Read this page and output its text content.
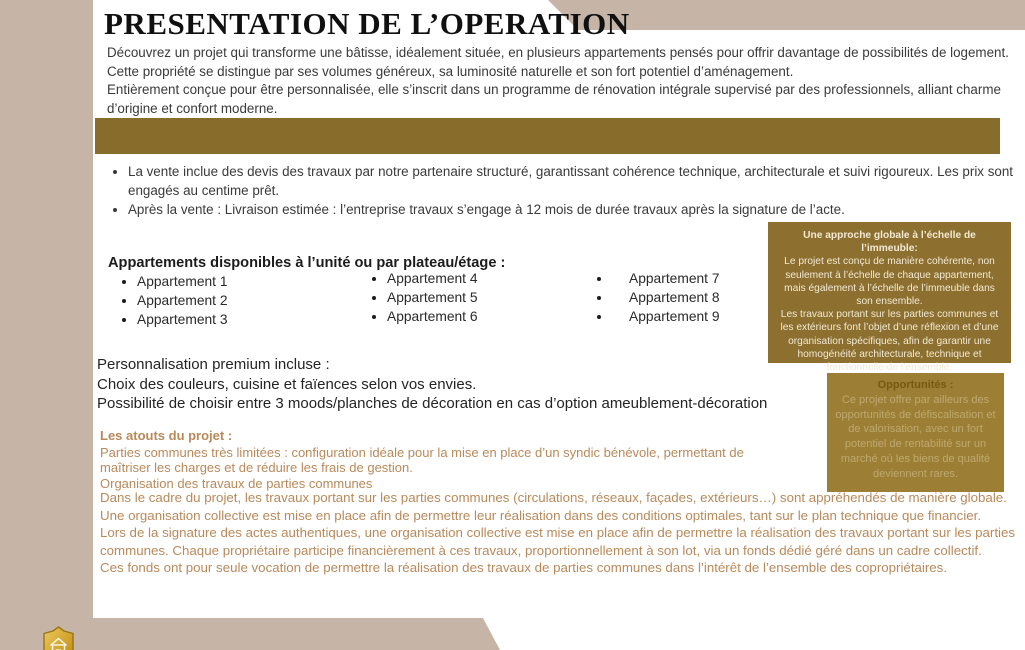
PRESENTATION DE L’OPERATION
Découvrez un projet qui transforme une bâtisse, idéalement située, en plusieurs appartements pensés pour offrir davantage de possibilités de logement.
Cette propriété se distingue par ses volumes généreux, sa luminosité naturelle et son fort potentiel d’aménagement.
Entièrement conçue pour être personnalisée, elle s’inscrit dans un programme de rénovation intégrale supervisé par des professionnels, alliant charme d’origine et confort moderne.
• La vente inclue des devis des travaux par notre partenaire structuré, garantissant cohérence technique, architecturale et suivi rigoureux. Les prix sont engagés au centime prêt.
• Après la vente : Livraison estimée : l’entreprise travaux s’engage à 12 mois de durée travaux après la signature de l’acte.
Appartements disponibles à l’unité ou par plateau/étage :
Appartement 1
Appartement 2
Appartement 3
Appartement 4
Appartement 5
Appartement 6
Appartement 7
Appartement 8
Appartement 9
Une approche globale à l’échelle de l’immeuble:
Le projet est conçu de manière cohérente, non seulement à l’échelle de chaque appartement, mais également à l’échelle de l’immeuble dans son ensemble.
Les travaux portant sur les parties communes et les extérieurs font l’objet d’une réflexion et d’une organisation spécifiques, afin de garantir une homogénéité architecturale, technique et fonctionnelle de l’ensemble.
Opportunités :
Ce projet offre par ailleurs des opportunités de défiscalisation et de valorisation, avec un fort potentiel de rentabilité sur un marché où les biens de qualité deviennent rares.
Personnalisation premium incluse :
Choix des couleurs, cuisine et faïences selon vos envies.
Possibilité de choisir entre 3 moods/planches de décoration en cas d’option ameublement-décoration
Les atouts du projet :
Parties communes très limitées : configuration idéale pour la mise en place d’un syndic bénévole, permettant de maîtriser les charges et de réduire les frais de gestion.
Organisation des travaux de parties communes

Dans le cadre du projet, les travaux portant sur les parties communes (circulations, réseaux, façades, extérieurs…) sont appréhendés de manière globale.

Une organisation collective est mise en place afin de permettre leur réalisation dans des conditions optimales, tant sur le plan technique que financier.

Lors de la signature des actes authentiques, une organisation collective est mise en place afin de permettre la réalisation des travaux portant sur les parties communes. Chaque propriétaire participe financièrement à ces travaux, proportionnellement à son lot, via un fonds dédié géré dans un cadre collectif.

Ces fonds ont pour seule vocation de permettre la réalisation des travaux de parties communes dans l’intérêt de l’ensemble des copropriétaires.
